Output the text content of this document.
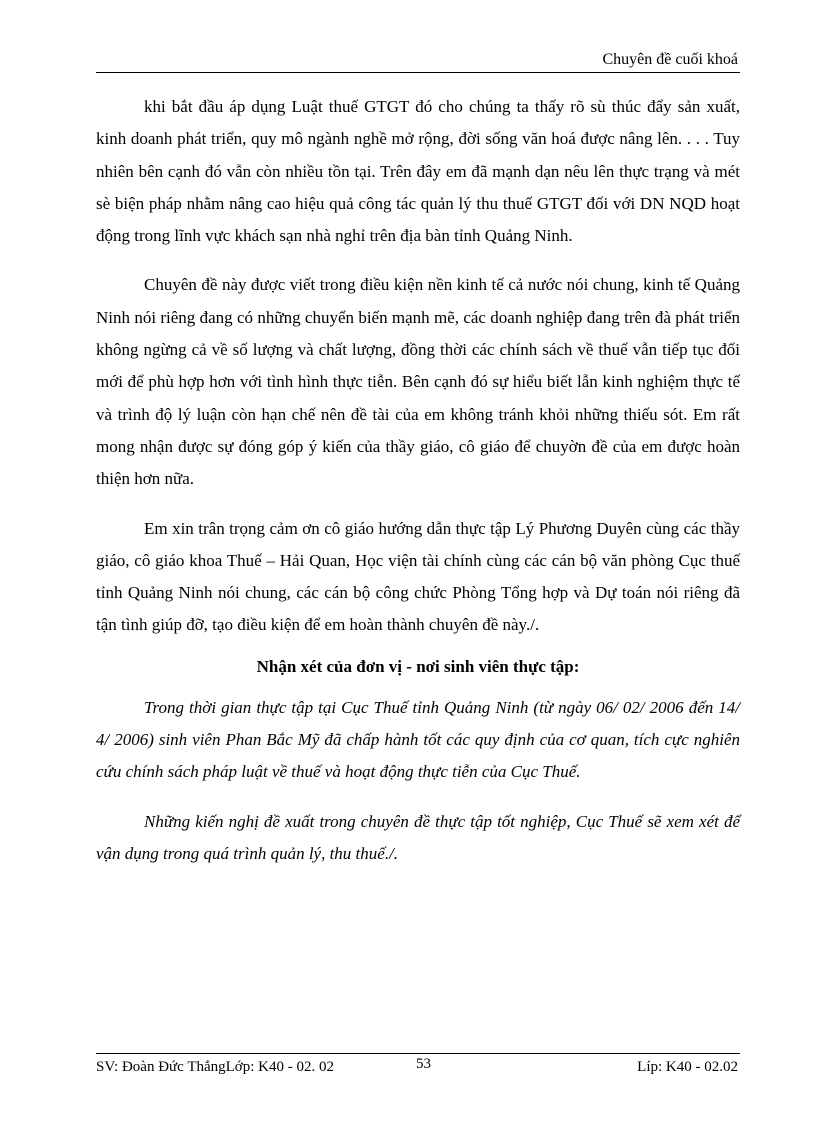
Chuyên đề cuối khoá

khi bắt đầu áp dụng Luật thuế GTGT đó cho chúng ta thấy rõ sù thúc đẩy sản xuất, kinh doanh phát triển, quy mô ngành nghề mở rộng, đời sống văn hoá được nâng lên. . . . Tuy nhiên bên cạnh đó vẫn còn nhiều tồn tại. Trên đây em đã mạnh dạn nêu lên thực trạng và mét sè biện pháp nhằm nâng cao hiệu quả công tác quản lý thu thuế GTGT đối với DN NQD hoạt động trong lĩnh vực khách sạn nhà nghỉ trên địa bàn tỉnh Quảng Ninh.

Chuyên đề này được viết trong điều kiện nền kinh tế cả nước nói chung, kinh tế Quảng Ninh nói riêng đang có những chuyển biến mạnh mẽ, các doanh nghiệp đang trên đà phát triển không ngừng cả về số lượng và chất lượng, đồng thời các chính sách về thuế vẫn tiếp tục đổi mới để phù hợp hơn với tình hình thực tiễn. Bên cạnh đó sự hiểu biết lẫn kinh nghiệm thực tế và trình độ lý luận còn hạn chế nên đề tài của em không tránh khỏi những thiếu sót. Em rất mong nhận được sự đóng góp ý kiến của thầy giáo, cô giáo để chuyờn đề của em được hoàn thiện hơn nữa.

Em xin trân trọng cảm ơn cô giáo hướng dẫn thực tập Lý Phương Duyên cùng các thầy giáo, cô giáo khoa Thuế – Hải Quan, Học viện tài chính cùng các cán bộ văn phòng Cục thuế tỉnh Quảng Ninh nói chung, các cán bộ công chức Phòng Tổng hợp và Dự toán nói riêng đã tận tình giúp đỡ, tạo điều kiện để em hoàn thành chuyên đề này./.

Nhận xét của đơn vị - nơi sinh viên thực tập:

Trong thời gian thực tập tại Cục Thuế tỉnh Quảng Ninh (từ ngày 06/ 02/ 2006 đến 14/ 4/ 2006) sinh viên Phan Bắc Mỹ đã chấp hành tốt các quy định của cơ quan, tích cực nghiên cứu chính sách pháp luật về thuế và hoạt động thực tiễn của Cục Thuế.

Những kiến nghị đề xuất trong chuyên đề thực tập tốt nghiệp, Cục Thuế sẽ xem xét để vận dụng trong quá trình quản lý, thu thuế./.

SV: Đoàn Đức ThắngLớp: K40 - 02. 02	53	Líp: K40 - 02.02
